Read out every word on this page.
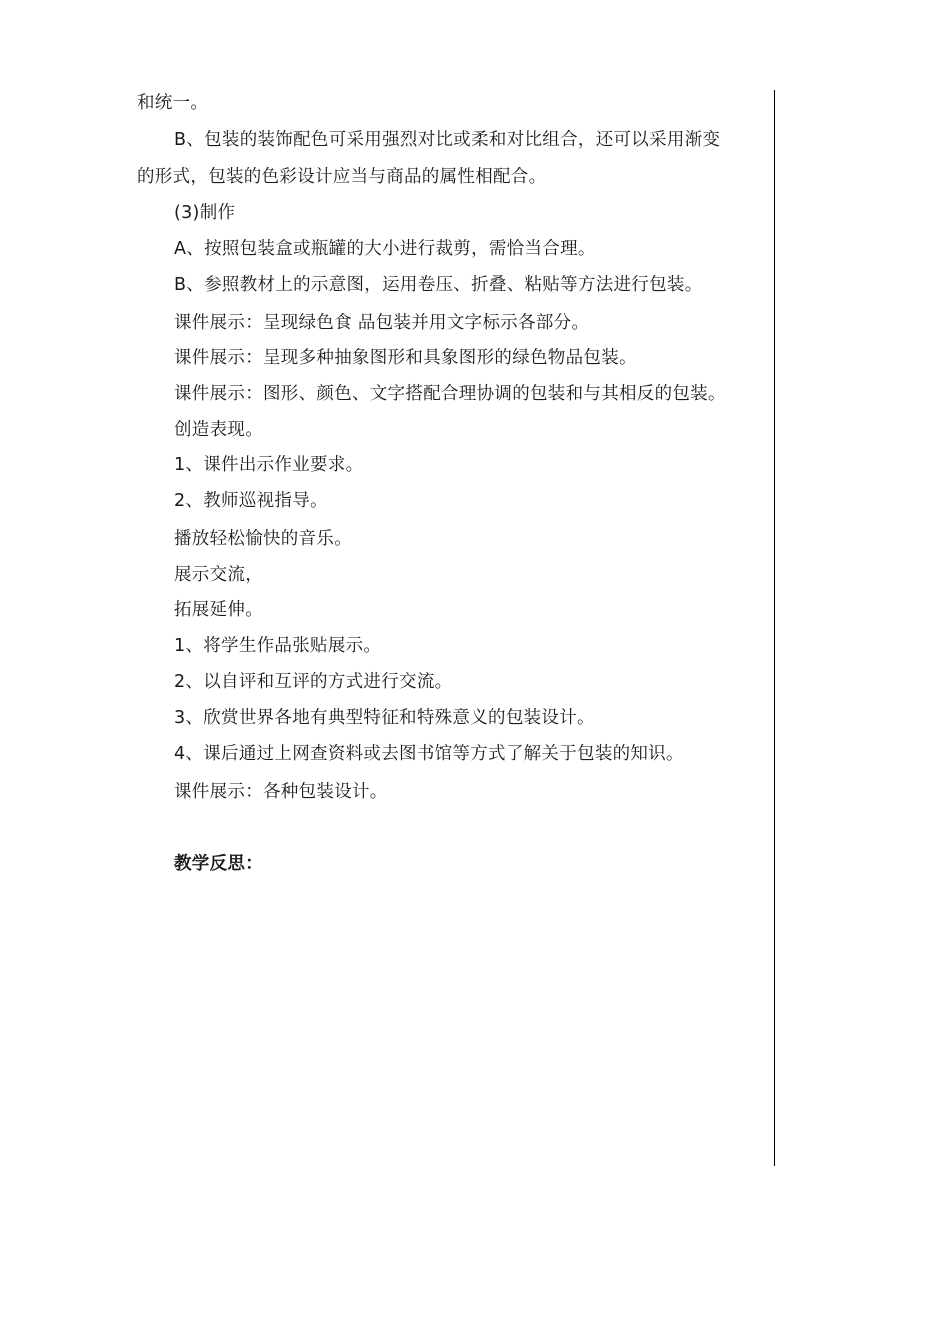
和统一。
B、包装的装饰配色可采用强烈对比或柔和对比组合，还可以采用渐变
的形式，包装的色彩设计应当与商品的属性相配合。
(3)制作
A、按照包装盒或瓶罐的大小进行裁剪，需恰当合理。
B、参照教材上的示意图，运用卷压、折叠、粘贴等方法进行包装。
课件展示：呈现绿色食 品包装并用文字标示各部分。
课件展示：呈现多种抽象图形和具象图形的绿色物品包装。
课件展示：图形、颜色、文字搭配合理协调的包装和与其相反的包装。
创造表现。
1、课件出示作业要求。
2、教师巡视指导。
播放轻松愉快的音乐。
展示交流，
拓展延伸。
1、将学生作品张贴展示。
2、以自评和互评的方式进行交流。
3、欣赏世界各地有典型特征和特殊意义的包装设计。
4、课后通过上网查资料或去图书馆等方式了解关于包装的知识。
课件展示：各种包装设计。
教学反思：
